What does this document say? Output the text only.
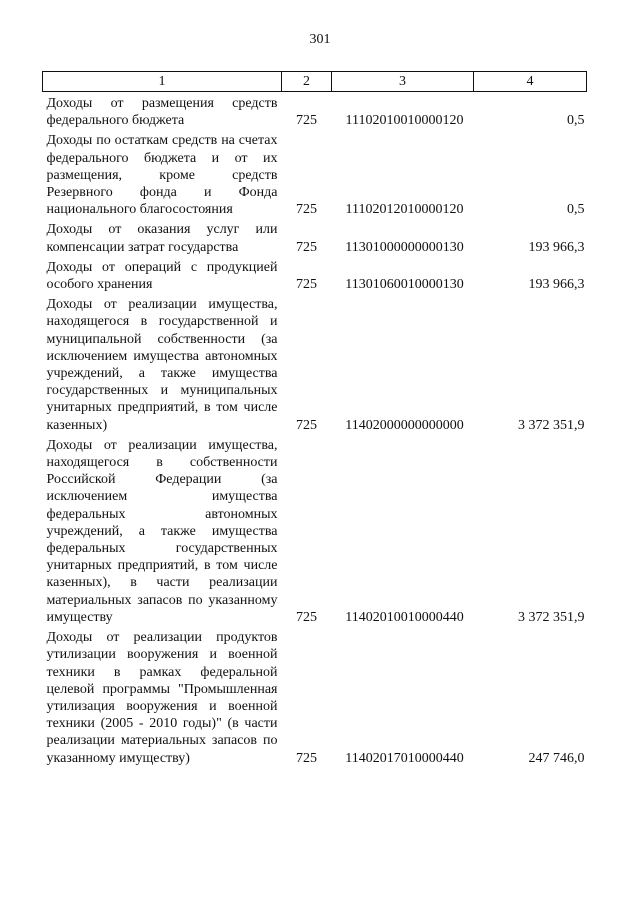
301
1	2	3	4
Доходы от размещения средств федерального бюджета	725	11102010010000120	0,5
Доходы по остаткам средств на счетах федерального бюджета и от их размещения, кроме средств Резервного фонда и Фонда национального благосостояния	725	11102012010000120	0,5
Доходы от оказания услуг или компенсации затрат государства	725	11301000000000130	193 966,3
Доходы от операций с продукцией особого хранения	725	11301060010000130	193 966,3
Доходы от реализации имущества, находящегося в государственной и муниципальной собственности (за исключением имущества автономных учреждений, а также имущества государственных и муниципальных унитарных предприятий, в том числе казенных)	725	11402000000000000	3 372 351,9
Доходы от реализации имущества, находящегося в собственности Российской Федерации (за исключением имущества федеральных автономных учреждений, а также имущества федеральных государственных унитарных предприятий, в том числе казенных), в части реализации материальных запасов по указанному имуществу	725	11402010010000440	3 372 351,9
Доходы от реализации продуктов утилизации вооружения и военной техники в рамках федеральной целевой программы "Промышленная утилизация вооружения и военной техники (2005 - 2010 годы)" (в части реализации материальных запасов по указанному имуществу)	725	11402017010000440	247 746,0
